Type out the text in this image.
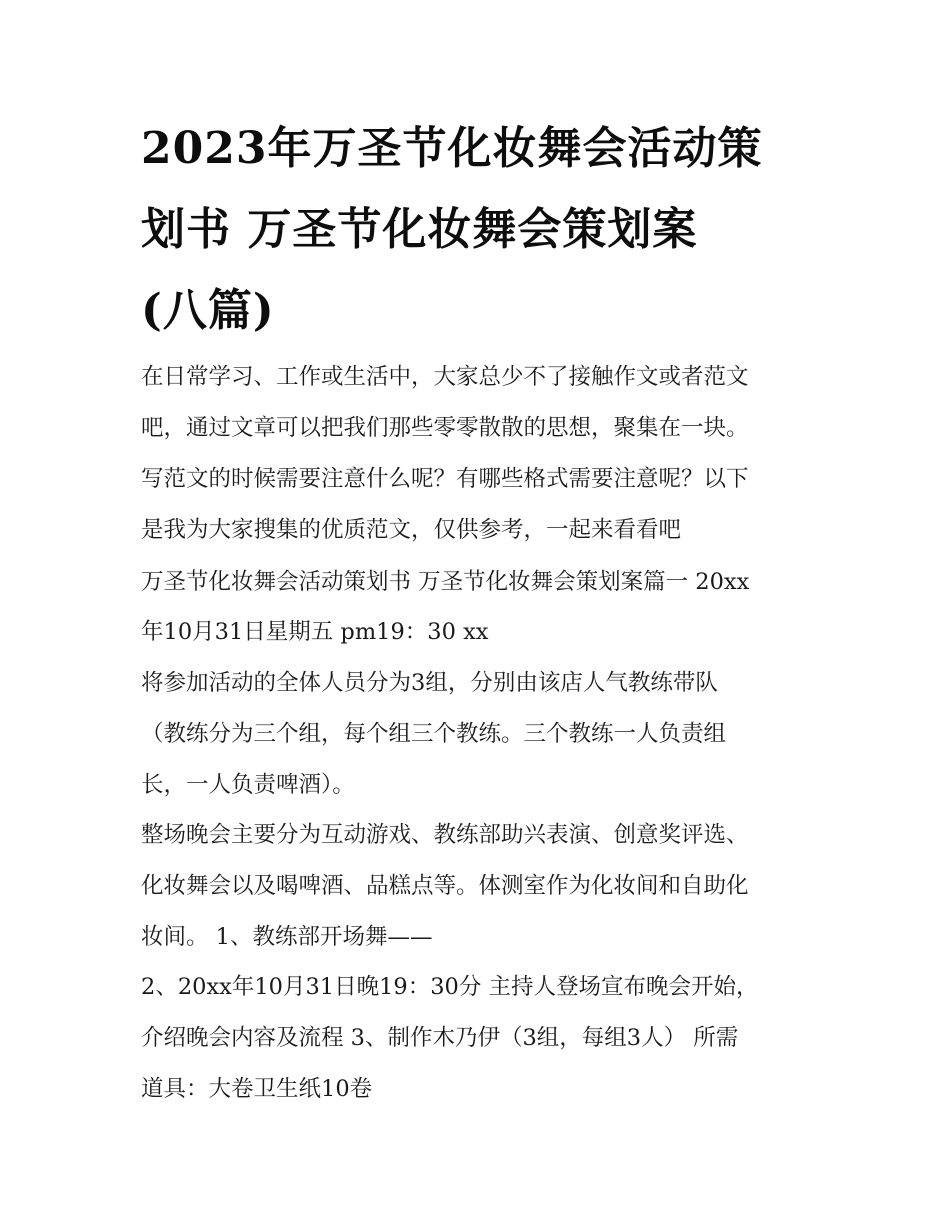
2023年万圣节化妆舞会活动策
划书 万圣节化妆舞会策划案
(八篇)
在日常学习、工作或生活中，大家总少不了接触作文或者范文
吧，通过文章可以把我们那些零零散散的思想，聚集在一块。
写范文的时候需要注意什么呢？有哪些格式需要注意呢？以下
是我为大家搜集的优质范文，仅供参考，一起来看看吧
万圣节化妆舞会活动策划书 万圣节化妆舞会策划案篇一 20xx
年10月31日星期五 pm19：30 xx
将参加活动的全体人员分为3组，分别由该店人气教练带队
（教练分为三个组，每个组三个教练。三个教练一人负责组
长，一人负责啤酒）。
整场晚会主要分为互动游戏、教练部助兴表演、创意奖评选、
化妆舞会以及喝啤酒、品糕点等。体测室作为化妆间和自助化
妆间。 1、教练部开场舞——
2、20xx年10月31日晚19：30分 主持人登场宣布晚会开始，
介绍晚会内容及流程 3、制作木乃伊（3组，每组3人） 所需
道具：大卷卫生纸10卷
